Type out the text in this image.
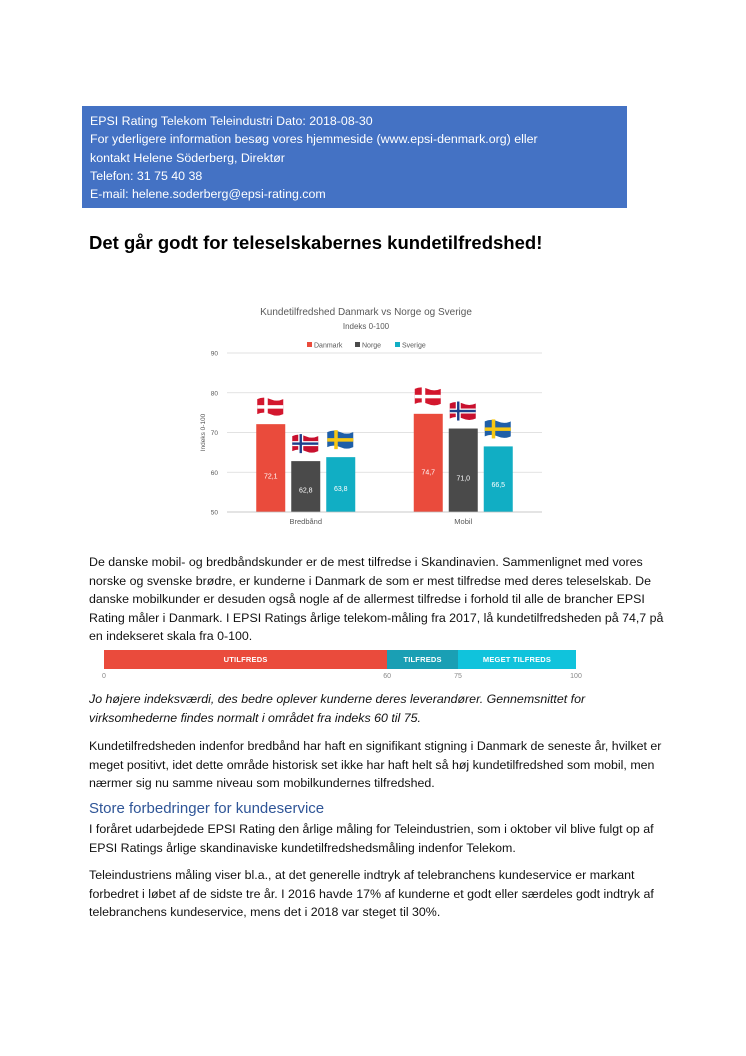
EPSI Rating Telekom Teleindustri Dato: 2018-08-30
For yderligere information besøg vores hjemmeside (www.epsi-denmark.org) eller
kontakt Helene Söderberg, Direktør
Telefon: 31 75 40 38
E-mail: helene.soderberg@epsi-rating.com
Det går godt for teleselskabernes kundetilfredshed!
Kundetilfredshed Danmark vs Norge og Sverige
Indeks 0-100
Danmark	Norge	Sverige
50
60
70
80
90
Indeks 0-100
72,1
62,8	63,8
Bredbånd
74,7
71,0
66,5
Mobil

De danske mobil- og bredbåndskunder er de mest tilfredse i Skandinavien. Sammenlignet med vores norske og svenske brødre, er kunderne i Danmark de som er mest tilfredse med deres teleselskab. De danske mobilkunder er desuden også nogle af de allermest tilfredse i forhold til alle de brancher EPSI Rating måler i Danmark. I EPSI Ratings årlige telekom-måling fra 2017, lå kundetilfredsheden på 74,7 på en indekseret skala fra 0-100.

UTILFREDS	TILFREDS	MEGET TILFREDS
0	60	75	100

Jo højere indeksværdi, des bedre oplever kunderne deres leverandører. Gennemsnittet for virksomhederne findes normalt i området fra indeks 60 til 75.

Kundetilfredsheden indenfor bredbånd har haft en signifikant stigning i Danmark de seneste år, hvilket er meget positivt, idet dette område historisk set ikke har haft helt så høj kundetilfredshed som mobil, men nærmer sig nu samme niveau som mobilkundernes tilfredshed.

Store forbedringer for kundeservice

I foråret udarbejdede EPSI Rating den årlige måling for Teleindustrien, som i oktober vil blive fulgt op af EPSI Ratings årlige skandinaviske kundetilfredshedsmåling indenfor Telekom.

Teleindustriens måling viser bl.a., at det generelle indtryk af telebranchens kundeservice er markant forbedret i løbet af de sidste tre år. I 2016 havde 17% af kunderne et godt eller særdeles godt indtryk af telebranchens kundeservice, mens det i 2018 var steget til 30%.
